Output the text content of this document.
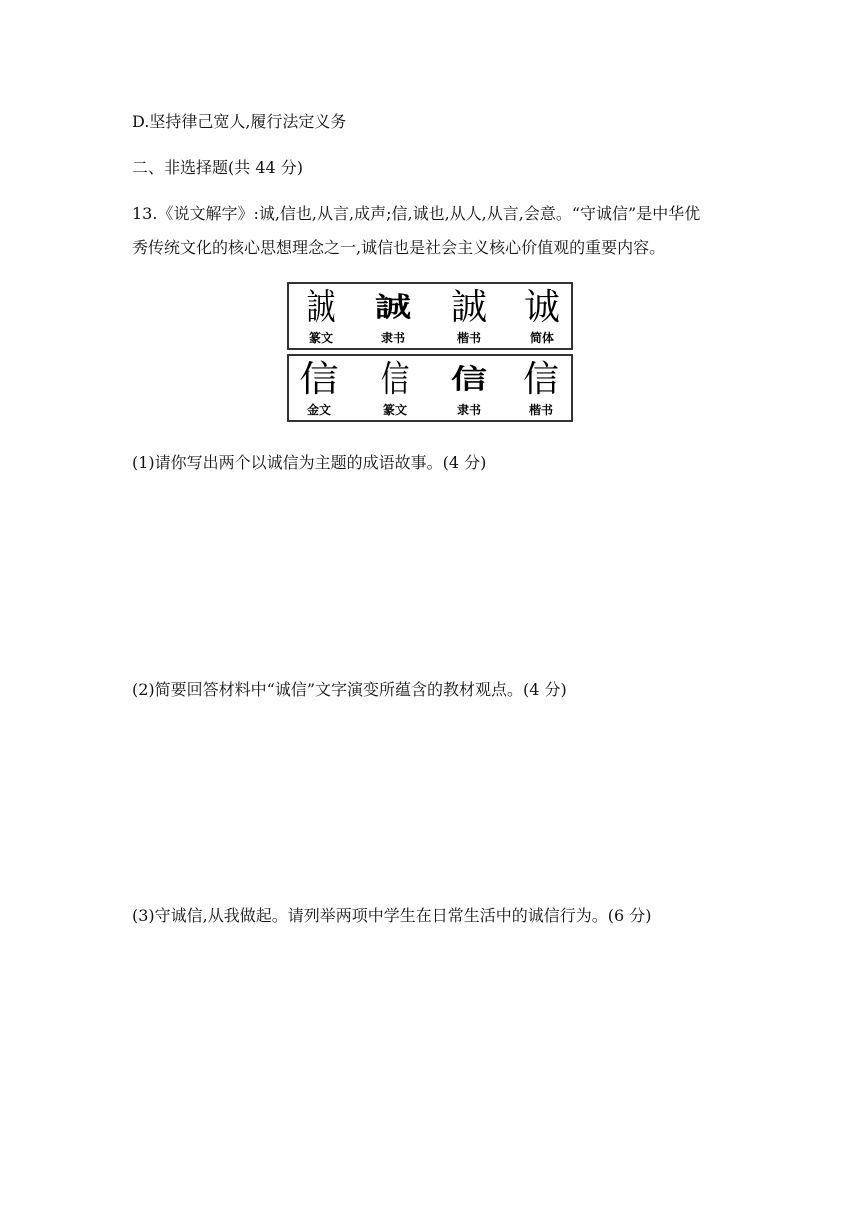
D.坚持律己宽人,履行法定义务
二、非选择题(共 44 分)
13.《说文解字》:诚,信也,从言,成声;信,诚也,从人,从言,会意。“守诚信”是中华优
秀传统文化的核心思想理念之一,诚信也是社会主义核心价值观的重要内容。
誠	誠	誠	诚
篆文	隶书	楷书	简体
信	信	信 信
金文	篆文	隶书	楷书
(1)请你写出两个以诚信为主题的成语故事。(4 分)
(2)简要回答材料中“诚信”文字演变所蕴含的教材观点。(4 分)
(3)守诚信,从我做起。请列举两项中学生在日常生活中的诚信行为。(6 分)
